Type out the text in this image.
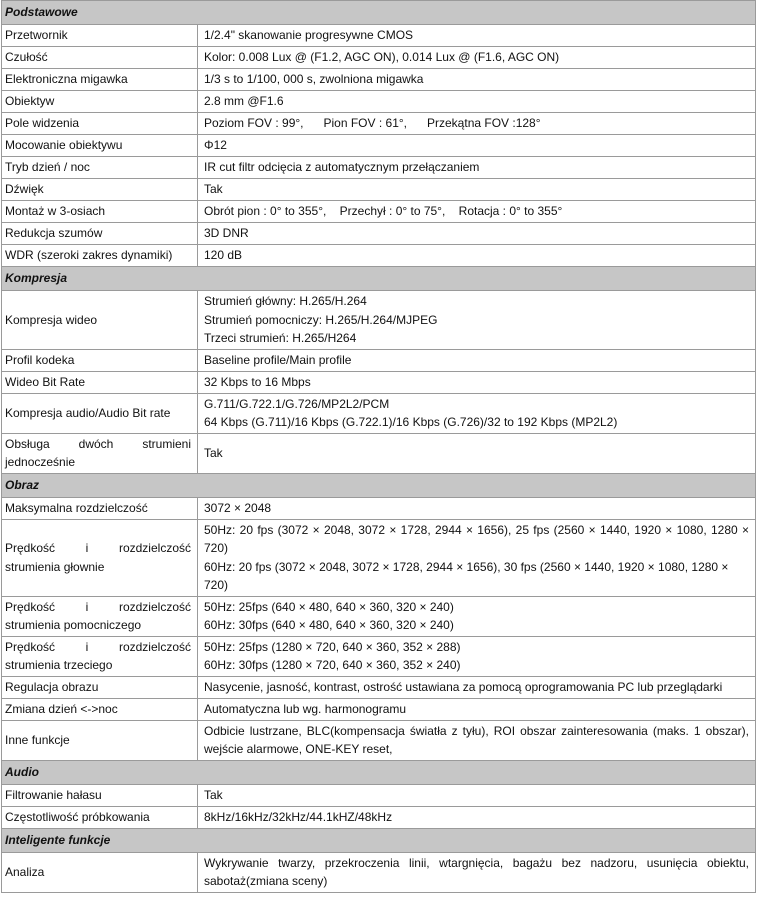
Podstawowe	

Przetwornik	1/2.4" skanowanie progresywne CMOS

Czułość	Kolor: 0.008 Lux @ (F1.2, AGC ON), 0.014 Lux @ (F1.6, AGC ON)

Elektroniczna migawka	1/3 s to 1/100, 000 s, zwolniona migawka

Obiektyw	2.8 mm @F1.6

Pole widzenia	Poziom FOV : 99°,      Pion FOV : 61°,      Przekątna FOV :128°

Mocowanie obiektywu	Φ12

Tryb dzień / noc	IR cut filtr odcięcia z automatycznym przełączaniem

Dźwięk	Tak

Montaż w 3-osiach	Obrót pion : 0° to 355°,    Przechył : 0° to 75°,    Rotacja : 0° to 355°

Redukcja szumów	3D DNR

WDR (szeroki zakres dynamiki)	120 dB

Kompresja	

Kompresja wideo	Strumień główny: H.265/H.264
Strumień pomocniczy: H.265/H.264/MJPEG
Trzeci strumień: H.265/H264

Profil kodeka	Baseline profile/Main profile

Wideo Bit Rate	32 Kbps to 16 Mbps

Kompresja audio/Audio Bit rate	G.711/G.722.1/G.726/MP2L2/PCM
64 Kbps (G.711)/16 Kbps (G.722.1)/16 Kbps (G.726)/32 to 192 Kbps (MP2L2)

Obsługa dwóch strumieni
jednocześnie	Tak

Obraz	

Maksymalna rozdzielczość	3072 × 2048

Prędkość i rozdzielczość
strumienia głownie	50Hz: 20 fps (3072 × 2048, 3072 × 1728, 2944 × 1656), 25 fps (2560 × 1440, 1920 × 1080, 1280 ×
720)
60Hz: 20 fps (3072 × 2048, 3072 × 1728, 2944 × 1656), 30 fps (2560 × 1440, 1920 × 1080, 1280 ×
720)

Prędkość i rozdzielczość
strumienia pomocniczego	50Hz: 25fps (640 × 480, 640 × 360, 320 × 240)
60Hz: 30fps (640 × 480, 640 × 360, 320 × 240)

Prędkość i rozdzielczość
strumienia trzeciego	50Hz: 25fps (1280 × 720, 640 × 360, 352 × 288)
60Hz: 30fps (1280 × 720, 640 × 360, 352 × 240)

Regulacja obrazu	Nasycenie, jasność, kontrast, ostrość ustawiana za pomocą oprogramowania PC lub przeglądarki

Zmiana dzień <->noc	Automatyczna lub wg. harmonogramu

Inne funkcje	Odbicie lustrzane, BLC(kompensacja światła z tyłu), ROI obszar zainteresowania (maks. 1 obszar),
wejście alarmowe, ONE-KEY reset,

Audio	

Filtrowanie hałasu	Tak

Częstotliwość próbkowania	8kHz/16kHz/32kHz/44.1kHZ/48kHz

Inteligente funkcje	

Analiza	Wykrywanie twarzy, przekroczenia linii, wtargnięcia, bagażu bez nadzoru, usunięcia obiektu,
sabotaż(zmiana sceny)
